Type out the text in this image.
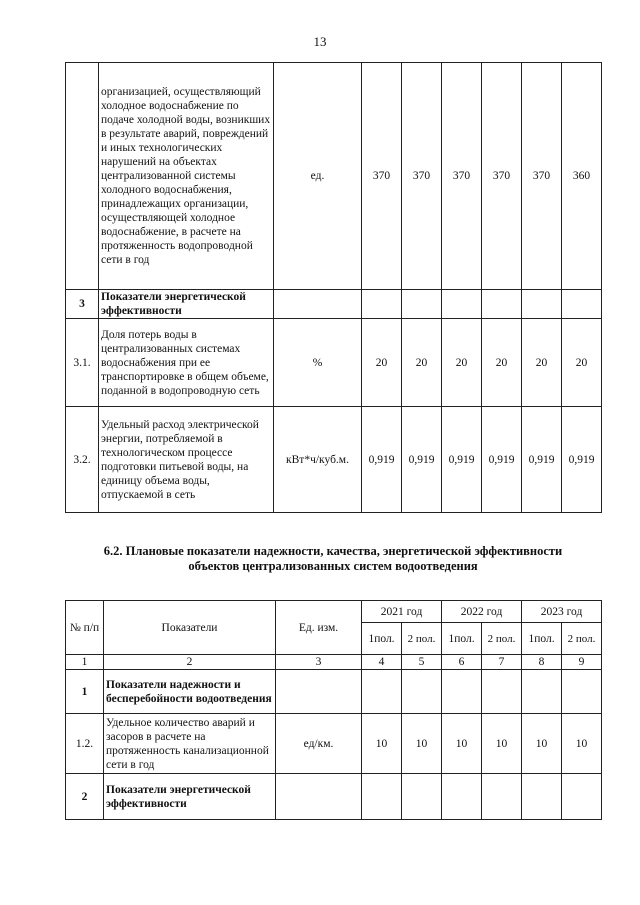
13
	организацией, осуществляющий холодное водоснабжение по подаче холодной воды, возникших в результате аварий, повреждений и иных технологических нарушений на объектах централизованной системы холодного водоснабжения, принадлежащих организации, осуществляющей холодное водоснабжение, в расчете на протяженность водопроводной сети в год	ед.	370	370	370	370	370	360
3	Показатели энергетической эффективности							
3.1.	Доля потерь воды в централизованных системах водоснабжения при ее транспортировке в общем объеме, поданной в водопроводную сеть	%	20	20	20	20	20	20
3.2.	Удельный расход электрической энергии, потребляемой в технологическом процессе подготовки питьевой воды, на единицу объема воды, отпускаемой в сеть	кВт*ч/куб.м.	0,919	0,919	0,919	0,919	0,919	0,919
6.2. Плановые показатели надежности, качества, энергетической эффективности
объектов централизованных систем водоотведения
№ п/п	Показатели	Ед. изм.	2021 год		2022 год		2023 год	
			1пол.	2 пол.	1пол.	2 пол.	1пол.	2 пол.
1	2	3	4	5	6	7	8	9
1	Показатели надежности и бесперебойности водоотведения							
1.2.	Удельное количество аварий и засоров в расчете на протяженность канализационной сети в год	ед/км.	10	10	10	10	10	10
2	Показатели энергетической эффективности							
